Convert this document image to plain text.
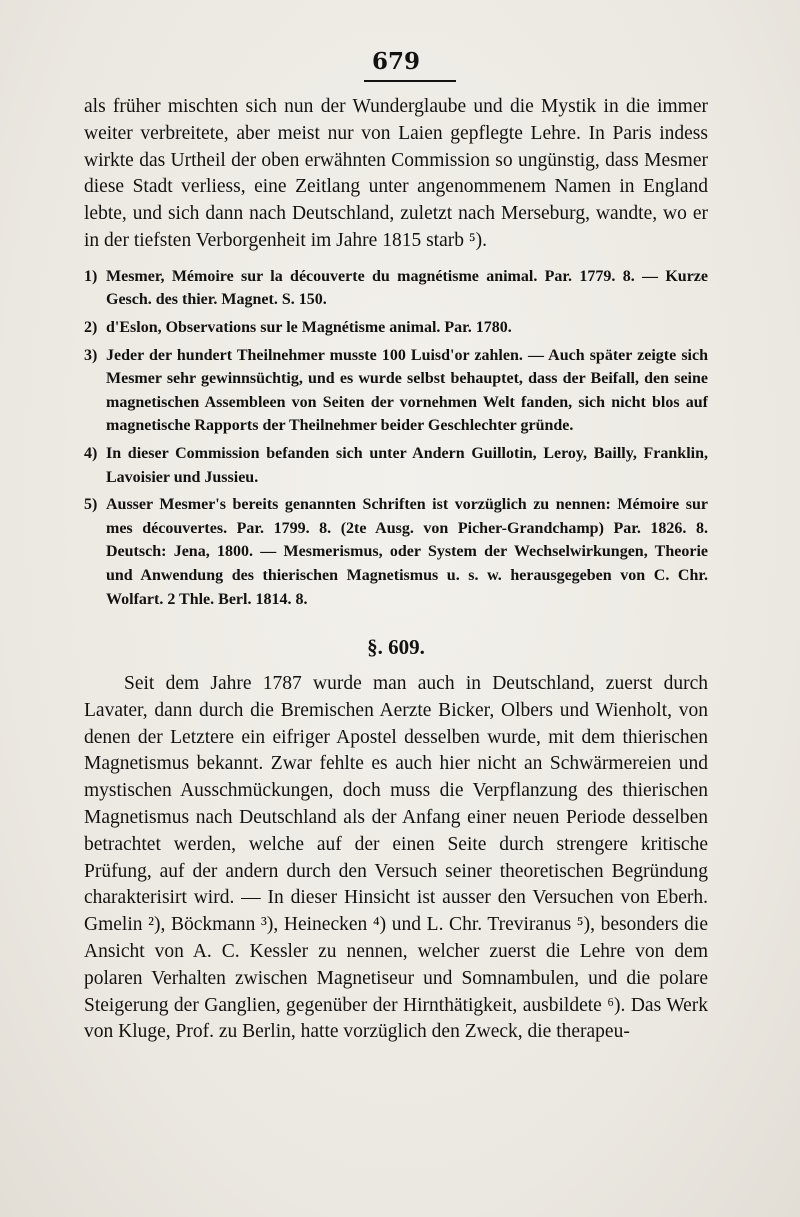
679

als früher mischten sich nun der Wunderglaube und die Mystik in die immer weiter verbreitete, aber meist nur von Laien gepflegte Lehre. In Paris indess wirkte das Urtheil der oben erwähnten Commission so ungünstig, dass Mesmer diese Stadt verliess, eine Zeitlang unter angenommenem Namen in England lebte, und sich dann nach Deutschland, zuletzt nach Merseburg, wandte, wo er in der tiefsten Verborgenheit im Jahre 1815 starb ⁵).

1) Mesmer, Mémoire sur la découverte du magnétisme animal. Par. 1779. 8. — Kurze Gesch. des thier. Magnet. S. 150.
2) d'Eslon, Observations sur le Magnétisme animal. Par. 1780.
3) Jeder der hundert Theilnehmer musste 100 Luisd'or zahlen. — Auch später zeigte sich Mesmer sehr gewinnsüchtig, und es wurde selbst behauptet, dass der Beifall, den seine magnetischen Assembleen von Seiten der vornehmen Welt fanden, sich nicht blos auf magnetische Rapports der Theilnehmer beider Geschlechter gründe.
4) In dieser Commission befanden sich unter Andern Guillotin, Leroy, Bailly, Franklin, Lavoisier und Jussieu.
5) Ausser Mesmer's bereits genannten Schriften ist vorzüglich zu nennen: Mémoire sur mes découvertes. Par. 1799. 8. (2te Ausg. von Picher-Grandchamp) Par. 1826. 8. Deutsch: Jena, 1800. — Mesmerismus, oder System der Wechselwirkungen, Theorie und Anwendung des thierischen Magnetismus u. s. w. herausgegeben von C. Chr. Wolfart. 2 Thle. Berl. 1814. 8.
§. 609.

Seit dem Jahre 1787 wurde man auch in Deutschland, zuerst durch Lavater, dann durch die Bremischen Aerzte Bicker, Olbers und Wienholt, von denen der Letztere ein eifriger Apostel desselben wurde, mit dem thierischen Magnetismus bekannt. Zwar fehlte es auch hier nicht an Schwärmereien und mystischen Ausschmückungen, doch muss die Verpflanzung des thierischen Magnetismus nach Deutschland als der Anfang einer neuen Periode desselben betrachtet werden, welche auf der einen Seite durch strengere kritische Prüfung, auf der andern durch den Versuch seiner theoretischen Begründung charakterisirt wird. — In dieser Hinsicht ist ausser den Versuchen von Eberh. Gmelin ²), Böckmann ³), Heinecken ⁴) und L. Chr. Treviranus ⁵), besonders die Ansicht von A. C. Kessler zu nennen, welcher zuerst die Lehre von dem polaren Verhalten zwischen Magnetiseur und Somnambulen, und die polare Steigerung der Ganglien, gegenüber der Hirnthätigkeit, ausbildete ⁶). Das Werk von Kluge, Prof. zu Berlin, hatte vorzüglich den Zweck, die therapeu-
